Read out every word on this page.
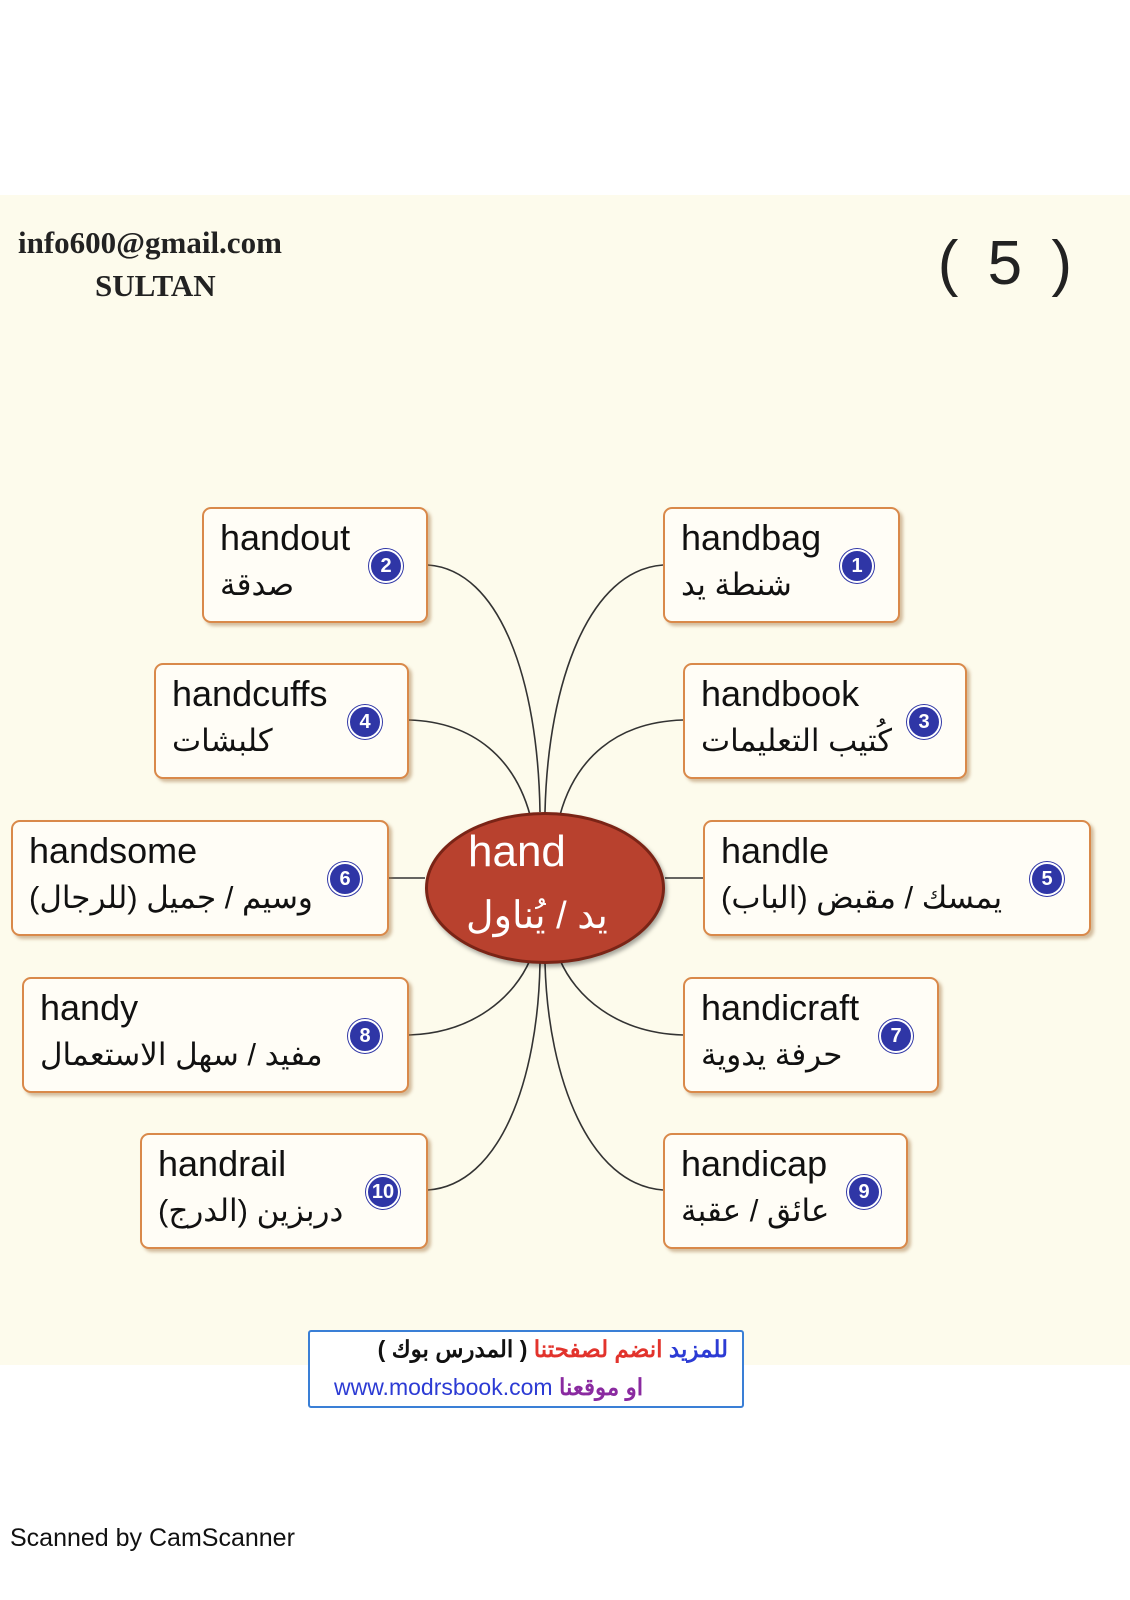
info600@gmail.com
SULTAN	( 5 )
hand
يد / يُناول
handbag
شنطة يد
1
handout
صدقة
2
handbook
كُتيب التعليمات
3
handcuffs
كلبشات
4
handle
يمسك / مقبض (الباب)
5
handsome
وسيم / جميل (للرجال)
6
handicraft
حرفة يدوية
7
handy
مفيد / سهل الاستعمال
8
handicap
عائق / عقبة
9
handrail
دربزين (الدرج)
10
للمزيد انضم لصفحتنا ( المدرس بوك )
www.modrsbook.com او موقعنا
Scanned by CamScanner
